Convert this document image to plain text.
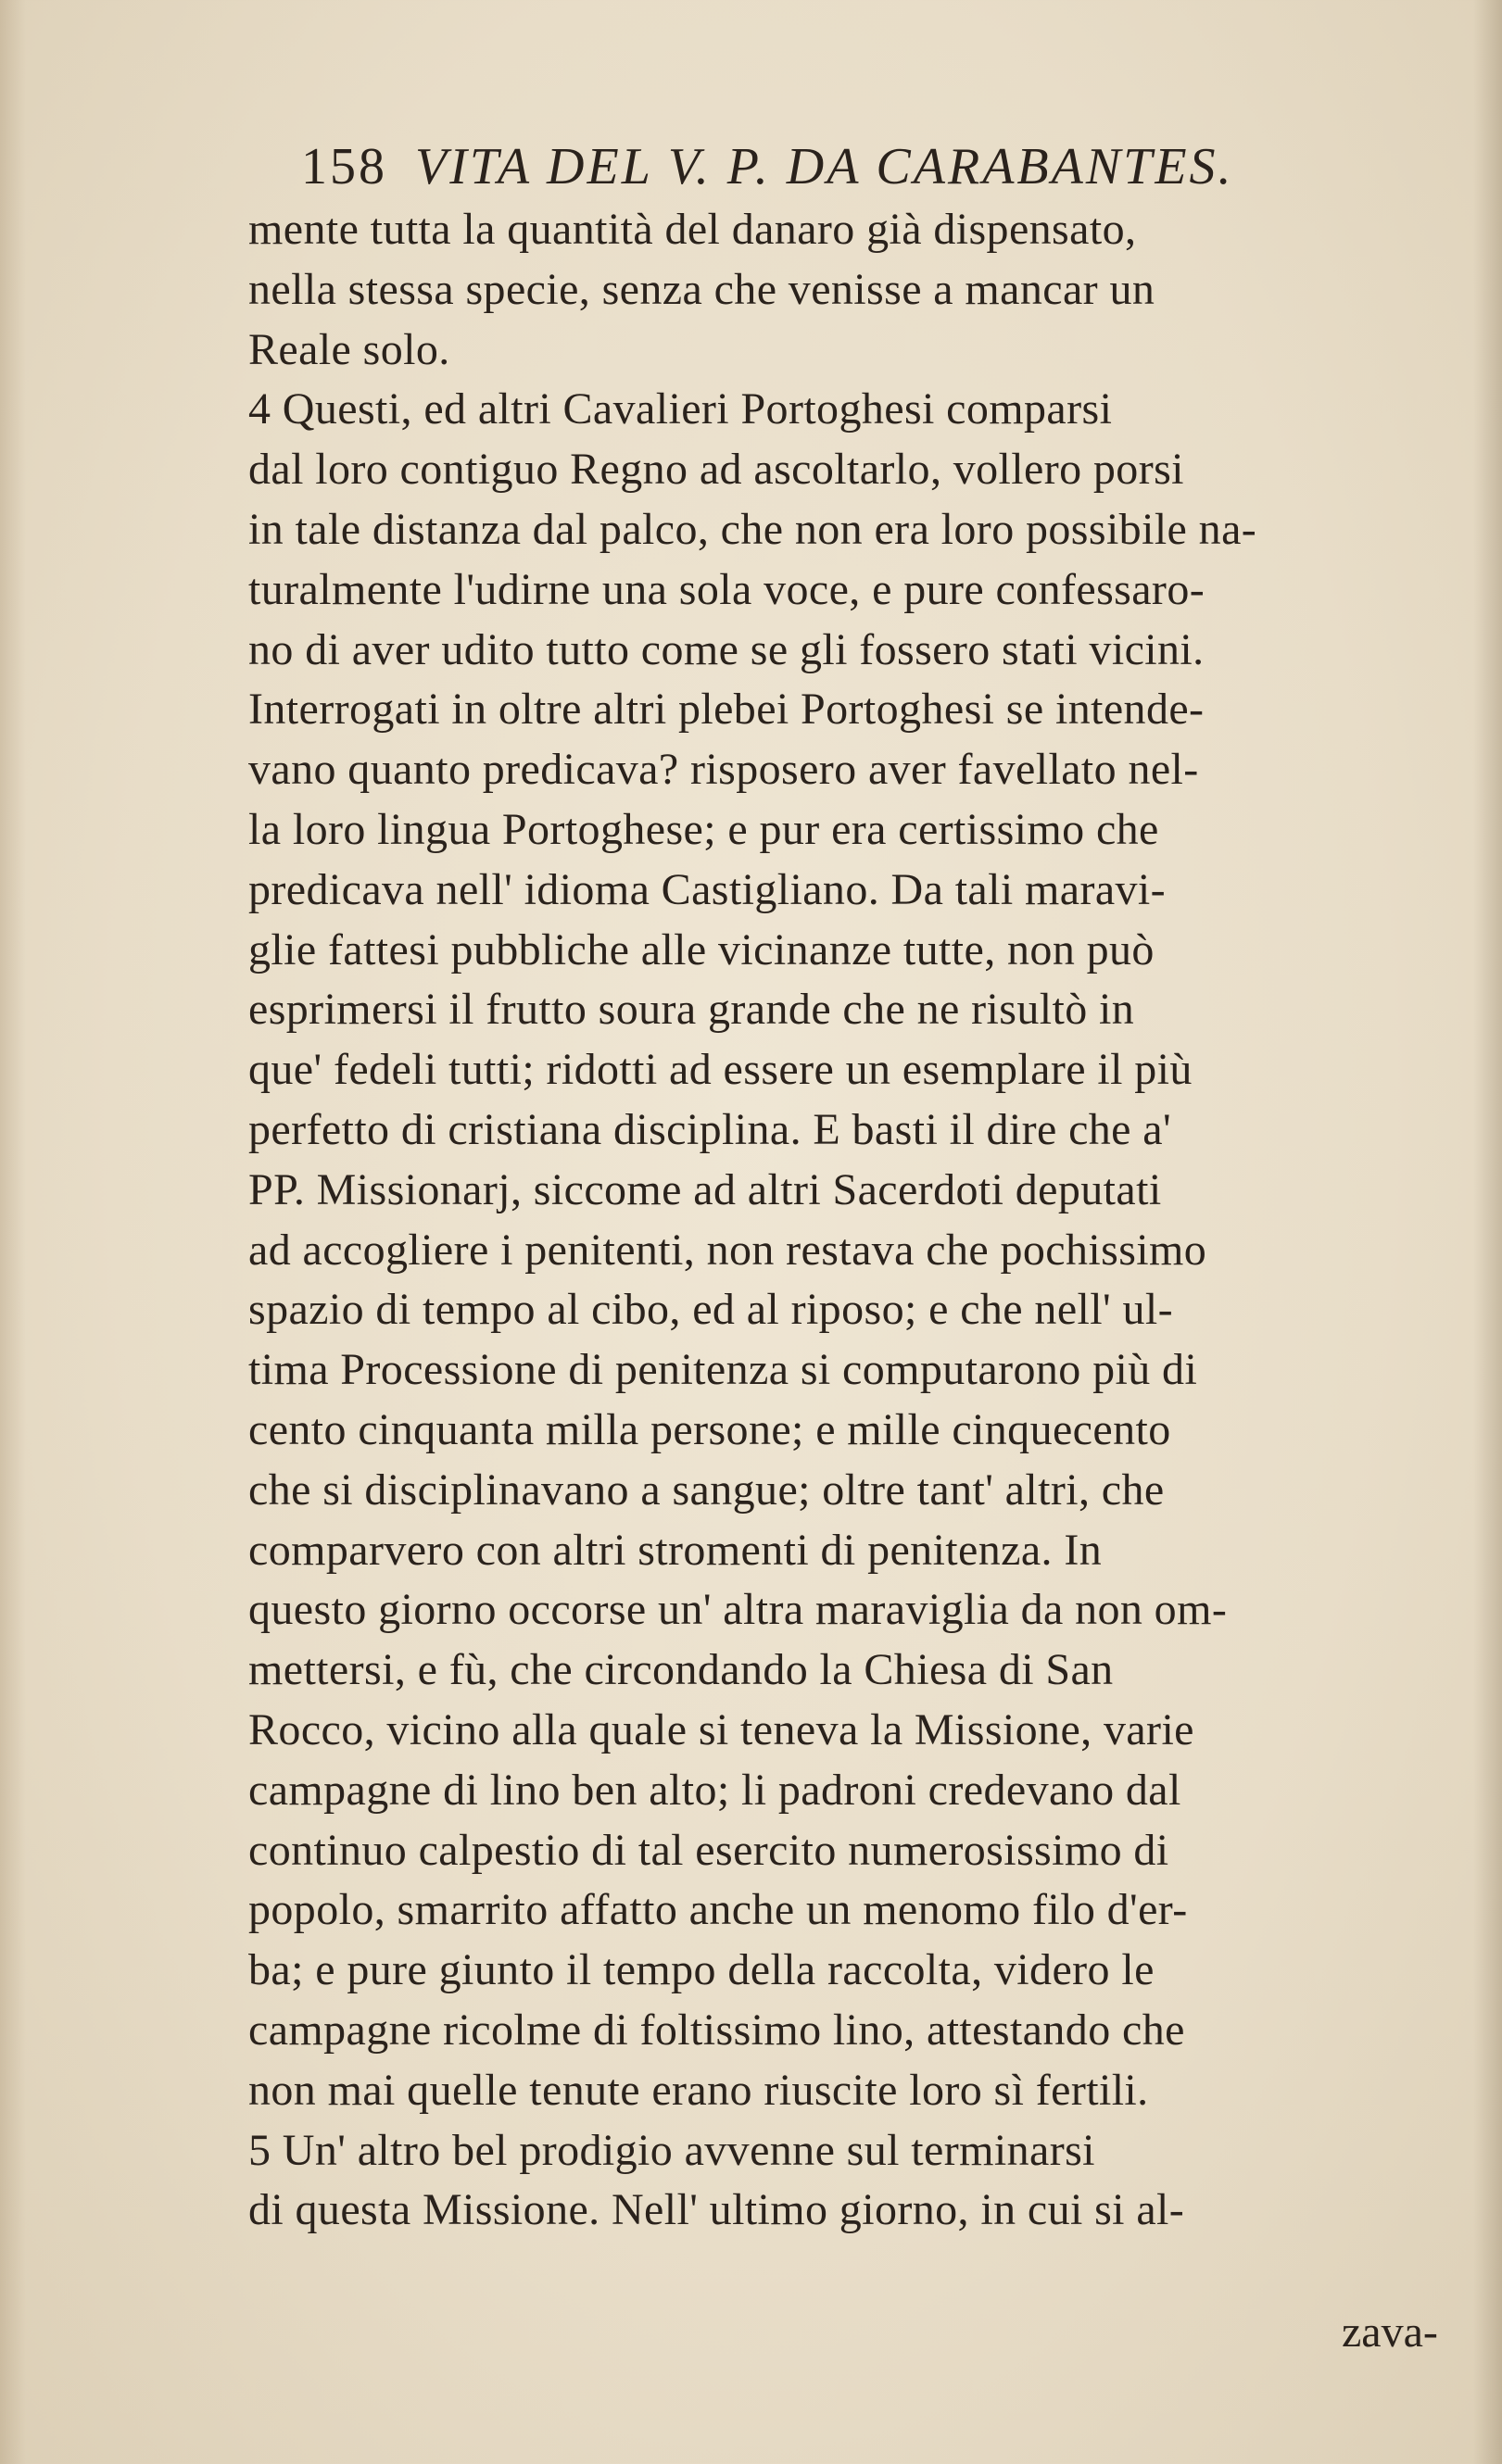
158 VITA DEL V. P. DA CARABANTES.
mente tutta la quantità del danaro già dispensato,
nella stessa specie, senza che venisse a mancar un
Reale solo.
4 Questi, ed altri Cavalieri Portoghesi comparsi
dal loro contiguo Regno ad ascoltarlo, vollero porsi
in tale distanza dal palco, che non era loro possibile na-
turalmente l'udirne una sola voce, e pure confessaro-
no di aver udito tutto come se gli fossero stati vicini.
Interrogati in oltre altri plebei Portoghesi se intende-
vano quanto predicava? risposero aver favellato nel-
la loro lingua Portoghese; e pur era certissimo che
predicava nell' idioma Castigliano. Da tali maravi-
glie fattesi pubbliche alle vicinanze tutte, non può
esprimersi il frutto soura grande che ne risultò in
que' fedeli tutti; ridotti ad essere un esemplare il più
perfetto di cristiana disciplina. E basti il dire che a'
PP. Missionarj, siccome ad altri Sacerdoti deputati
ad accogliere i penitenti, non restava che pochissimo
spazio di tempo al cibo, ed al riposo; e che nell' ul-
tima Processione di penitenza si computarono più di
cento cinquanta milla persone; e mille cinquecento
che si disciplinavano a sangue; oltre tant' altri, che
comparvero con altri stromenti di penitenza. In
questo giorno occorse un' altra maraviglia da non om-
mettersi, e fù, che circondando la Chiesa di San
Rocco, vicino alla quale si teneva la Missione, varie
campagne di lino ben alto; li padroni credevano dal
continuo calpestio di tal esercito numerosissimo di
popolo, smarrito affatto anche un menomo filo d'er-
ba; e pure giunto il tempo della raccolta, videro le
campagne ricolme di foltissimo lino, attestando che
non mai quelle tenute erano riuscite loro sì fertili.
5 Un' altro bel prodigio avvenne sul terminarsi
di questa Missione. Nell' ultimo giorno, in cui si al-
zava-
